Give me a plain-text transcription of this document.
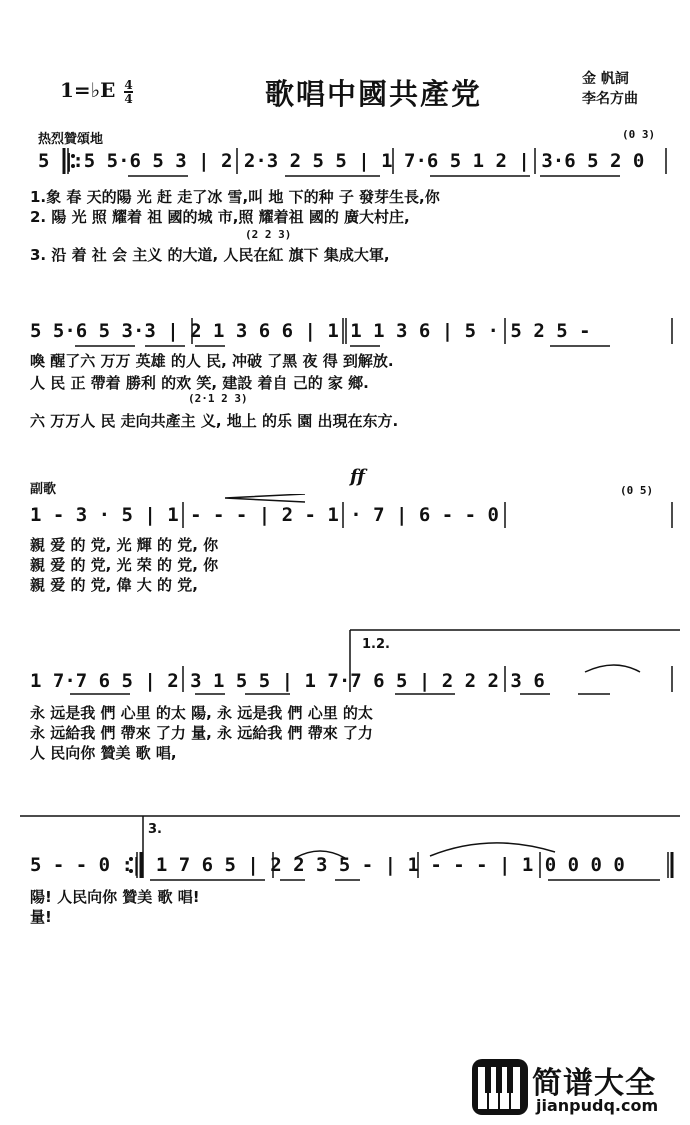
1=♭E $\frac{4}{4}$	歌唱中國共產党	金 帆詞
李名方曲
热烈贊頌地	(0 3)
5 ‖:5 5·6 5 3 | 2 2·3 2 5 5 | 1 7·6 5 1 2 | 3·6 5 2 0
1.象 春 天的陽 光 赶 走了冰 雪,叫 地 下的种 子 發芽生長,你
2. 陽 光 照 耀着 祖 國的城 市,照 耀着祖 國的 廣大村庄,
(2 2 3)
3. 沿 着 社 会 主义 的大道, 人民在紅 旗下 集成大軍,
5 5·6 5 3·3 | 2 1 3 6 6 | 1 1 1 3 6 | 5 · 5 2 5 -
喚 醒了六 万万 英雄 的人 民, 冲破 了黑 夜 得 到解放.
人 民 正 帶着 勝利 的欢 笑, 建設 着自 己的 家 鄉.
(2·1 2 3)
六 万万人 民 走向共產主 义, 地上 的乐 園 出現在东方.
副歌
ff
(0 5)
1 - 3 · 5 | 1 - - - | 2 - 1 · 7 | 6 - - 0
親 爱 的 党, 光 輝 的 党, 你
親 爱 的 党, 光 荣 的 党, 你
親 爱 的 党, 偉 大 的 党,
1.2.
1 7·7 6 5 | 2 3 1 5 5 | 1 7·7 6 5 | 2 2 2 3 6
永 远是我 們 心里 的太 陽, 永 远是我 們 心里 的太
永 远給我 們 帶來 了力 量, 永 远給我 們 帶來 了力
人 民向你 贊美 歌 唱,
3.
5 - - 0 :‖ 1 7 6 5 | 2 2 3 5 - | 1 - - - | 1 0 0 0 0
陽! 人民向你 贊美 歌 唱!
量!
简谱大全
jianpudq.com
